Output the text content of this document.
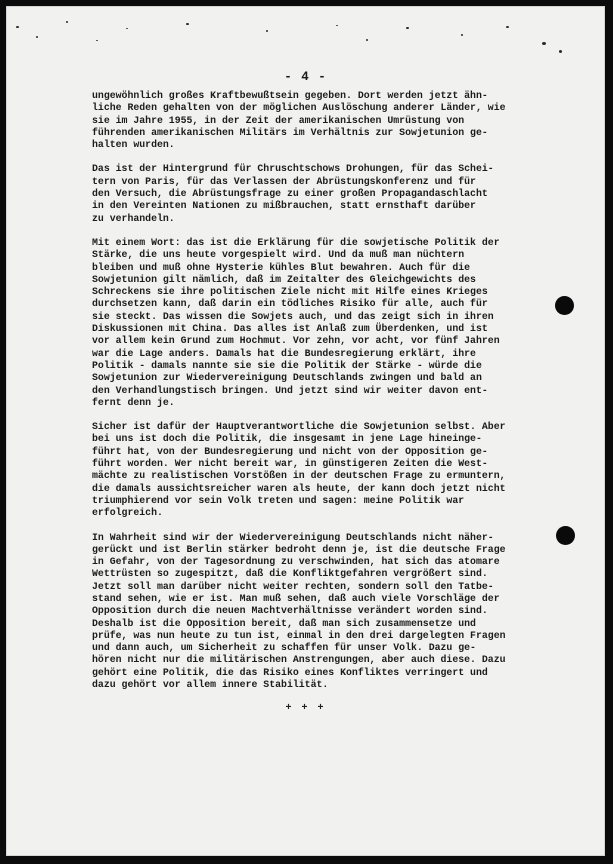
- 4 -
ungewöhnlich großes Kraftbewußtsein gegeben. Dort werden jetzt ähn-
liche Reden gehalten von der möglichen Auslöschung anderer Länder, wie
sie im Jahre 1955, in der Zeit der amerikanischen Umrüstung von
führenden amerikanischen Militärs im Verhältnis zur Sowjetunion ge-
halten wurden.
Das ist der Hintergrund für Chruschtschows Drohungen, für das Schei-
tern von Paris, für das Verlassen der Abrüstungskonferenz und für
den Versuch, die Abrüstungsfrage zu einer großen Propagandaschlacht
in den Vereinten Nationen zu mißbrauchen, statt ernsthaft darüber
zu verhandeln.
Mit einem Wort: das ist die Erklärung für die sowjetische Politik der
Stärke, die uns heute vorgespielt wird. Und da muß man nüchtern
bleiben und muß ohne Hysterie kühles Blut bewahren. Auch für die
Sowjetunion gilt nämlich, daß im Zeitalter des Gleichgewichts des
Schreckens sie ihre politischen Ziele nicht mit Hilfe eines Krieges
durchsetzen kann, daß darin ein tödliches Risiko für alle, auch für
sie steckt. Das wissen die Sowjets auch, und das zeigt sich in ihren
Diskussionen mit China. Das alles ist Anlaß zum Überdenken, und ist
vor allem kein Grund zum Hochmut. Vor zehn, vor acht, vor fünf Jahren
war die Lage anders. Damals hat die Bundesregierung erklärt, ihre
Politik - damals nannte sie sie die Politik der Stärke - würde die
Sowjetunion zur Wiedervereinigung Deutschlands zwingen und bald an
den Verhandlungstisch bringen. Und jetzt sind wir weiter davon ent-
fernt denn je.
Sicher ist dafür der Hauptverantwortliche die Sowjetunion selbst. Aber
bei uns ist doch die Politik, die insgesamt in jene Lage hineinge-
führt hat, von der Bundesregierung und nicht von der Opposition ge-
führt worden. Wer nicht bereit war, in günstigeren Zeiten die West-
mächte zu realistischen Vorstößen in der deutschen Frage zu ermuntern,
die damals aussichtsreicher waren als heute, der kann doch jetzt nicht
triumphierend vor sein Volk treten und sagen: meine Politik war
erfolgreich.
In Wahrheit sind wir der Wiedervereinigung Deutschlands nicht näher-
gerückt und ist Berlin stärker bedroht denn je, ist die deutsche Frage
in Gefahr, von der Tagesordnung zu verschwinden, hat sich das atomare
Wettrüsten so zugespitzt, daß die Konfliktgefahren vergrößert sind.
Jetzt soll man darüber nicht weiter rechten, sondern soll den Tatbe-
stand sehen, wie er ist. Man muß sehen, daß auch viele Vorschläge der
Opposition durch die neuen Machtverhältnisse verändert worden sind.
Deshalb ist die Opposition bereit, daß man sich zusammensetze und
prüfe, was nun heute zu tun ist, einmal in den drei dargelegten Fragen
und dann auch, um Sicherheit zu schaffen für unser Volk. Dazu ge-
hören nicht nur die militärischen Anstrengungen, aber auch diese. Dazu
gehört eine Politik, die das Risiko eines Konfliktes verringert und
dazu gehört vor allem innere Stabilität.
+ + +
